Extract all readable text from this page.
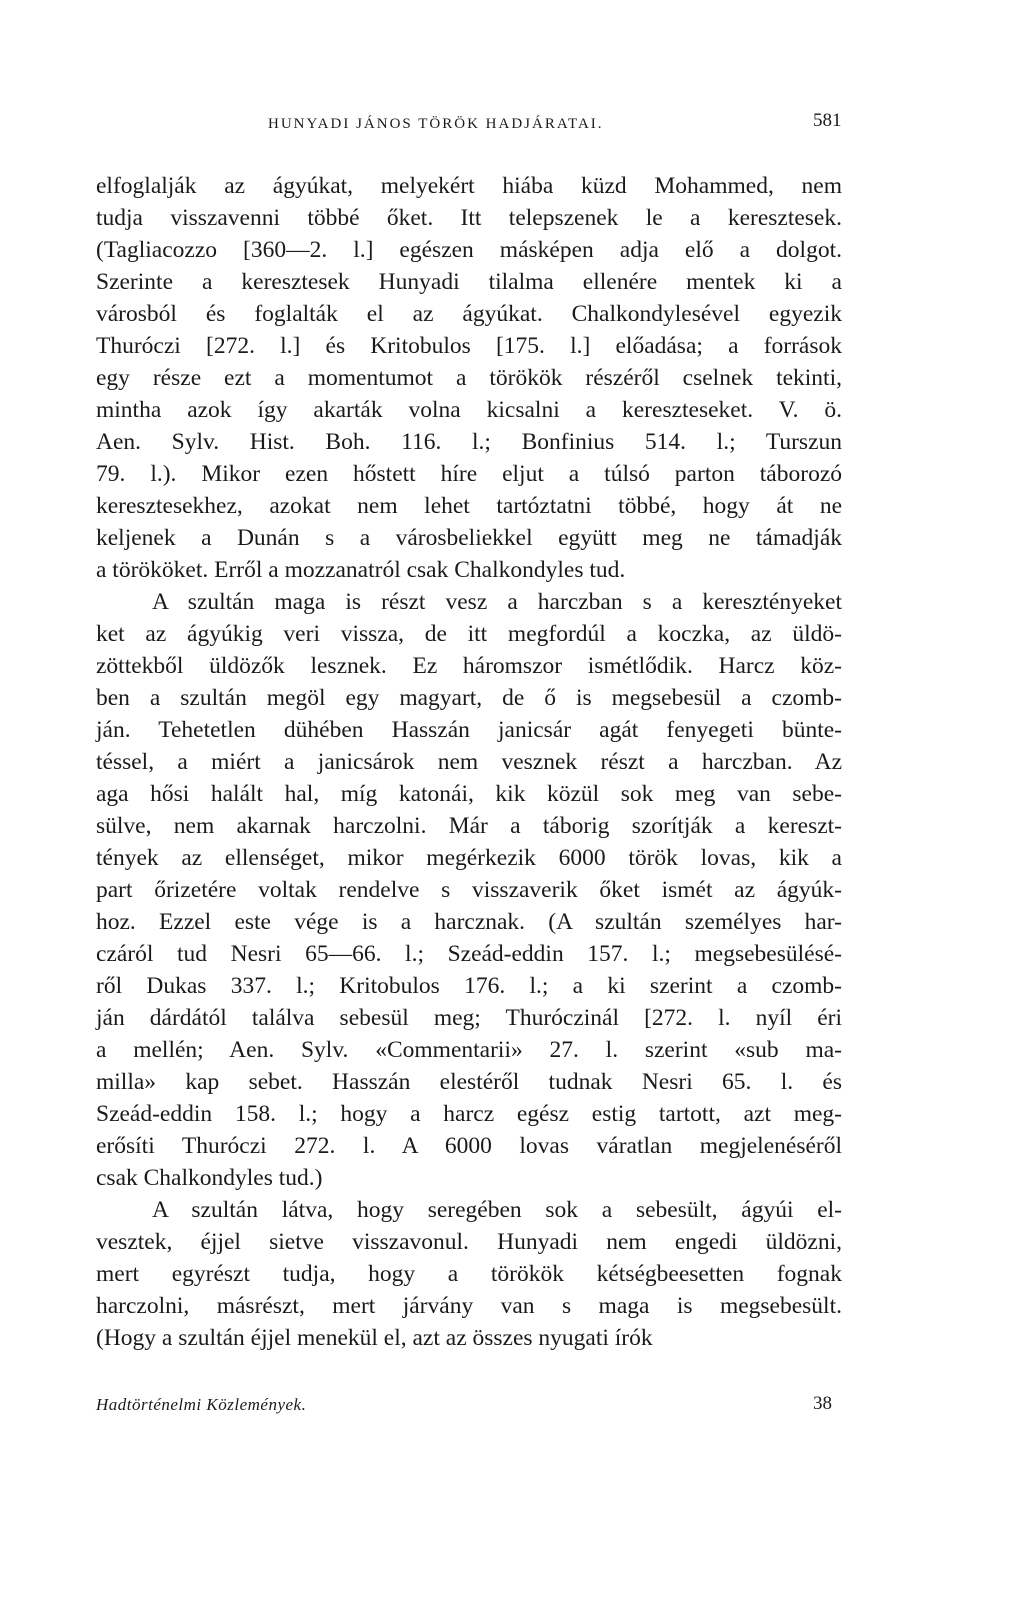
HUNYADI JÁNOS TÖRÖK HADJÁRATAI.	581
elfoglalják az ágyúkat, melyekért hiába küzd Mohammed, nem
tudja visszavenni többé őket. Itt telepszenek le a keresztesek.
(Tagliacozzo [360—2. l.] egészen másképen adja elő a dolgot.
Szerinte a keresztesek Hunyadi tilalma ellenére mentek ki a
városból és foglalták el az ágyúkat. Chalkondylesével egyezik
Thuróczi [272. l.] és Kritobulos [175. l.] előadása; a források
egy része ezt a momentumot a törökök részéről cselnek tekinti,
mintha azok így akarták volna kicsalni a kereszteseket. V. ö.
Aen. Sylv. Hist. Boh. 116. l.; Bonfinius 514. l.; Turszun
79. l.). Mikor ezen hőstett híre eljut a túlsó parton táborozó
keresztesekhez, azokat nem lehet tartóztatni többé, hogy át ne
keljenek a Dunán s a városbeliekkel együtt meg ne támadják
a törököket. Erről a mozzanatról csak Chalkondyles tud.
A szultán maga is részt vesz a harczban s a keresztényeket
ket az ágyúkig veri vissza, de itt megfordúl a koczka, az üldö-
zöttekből üldözők lesznek. Ez háromszor ismétlődik. Harcz köz-
ben a szultán megöl egy magyart, de ő is megsebesül a czomb-
ján. Tehetetlen dühében Hasszán janicsár agát fenyegeti bünte-
téssel, a miért a janicsárok nem vesznek részt a harczban. Az
aga hősi halált hal, míg katonái, kik közül sok meg van sebe-
sülve, nem akarnak harczolni. Már a táborig szorítják a kereszt-
tények az ellenséget, mikor megérkezik 6000 török lovas, kik a
part őrizetére voltak rendelve s visszaverik őket ismét az ágyúk-
hoz. Ezzel este vége is a harcznak. (A szultán személyes har-
czáról tud Nesri 65—66. l.; Szeád-eddin 157. l.; megsebesülésé-
ről Dukas 337. l.; Kritobulos 176. l.; a ki szerint a czomb-
ján dárdától találva sebesül meg; Thuróczinál [272. l. nyíl éri
a mellén; Aen. Sylv. «Commentarii» 27. l. szerint «sub ma-
milla» kap sebet. Hasszán elestéről tudnak Nesri 65. l. és
Szeád-eddin 158. l.; hogy a harcz egész estig tartott, azt meg-
erősíti Thuróczi 272. l. A 6000 lovas váratlan megjelenéséről
csak Chalkondyles tud.)
A szultán látva, hogy seregében sok a sebesült, ágyúi el-
vesztek, éjjel sietve visszavonul. Hunyadi nem engedi üldözni,
mert egyrészt tudja, hogy a törökök kétségbeesetten fognak
harczolni, másrészt, mert járvány van s maga is megsebesült.
(Hogy a szultán éjjel menekül el, azt az összes nyugati írók
Hadtörténelmi Közlemények.	38
